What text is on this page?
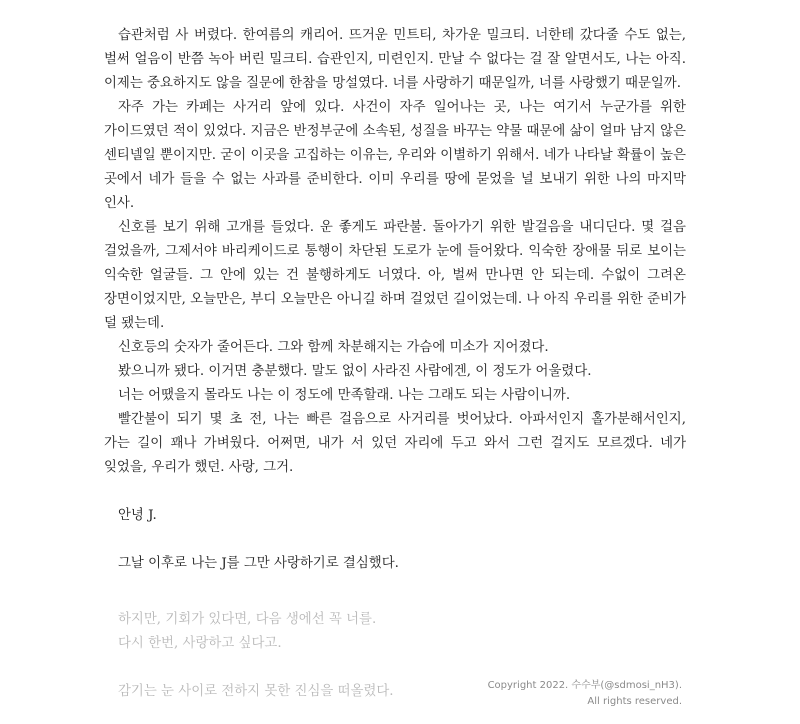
습관처럼 사 버렸다. 한여름의 캐리어. 뜨거운 민트티, 차가운 밀크티. 너한테 갔다줄 수도 없는, 벌써 얼음이 반쯤 녹아 버린 밀크티. 습관인지, 미련인지. 만날 수 없다는 걸 잘 알면서도, 나는 아직. 이제는 중요하지도 않을 질문에 한참을 망설였다. 너를 사랑하기 때문일까, 너를 사랑했기 때문일까.

자주 가는 카페는 사거리 앞에 있다. 사건이 자주 일어나는 곳, 나는 여기서 누군가를 위한 가이드였던 적이 있었다. 지금은 반정부군에 소속된, 성질을 바꾸는 약물 때문에 삶이 얼마 남지 않은 센티넬일 뿐이지만. 굳이 이곳을 고집하는 이유는, 우리와 이별하기 위해서. 네가 나타날 확률이 높은 곳에서 네가 들을 수 없는 사과를 준비한다. 이미 우리를 땅에 묻었을 널 보내기 위한 나의 마지막 인사.

신호를 보기 위해 고개를 들었다. 운 좋게도 파란불. 돌아가기 위한 발걸음을 내디딘다. 몇 걸음 걸었을까, 그제서야 바리케이드로 통행이 차단된 도로가 눈에 들어왔다. 익숙한 장애물 뒤로 보이는 익숙한 얼굴들. 그 안에 있는 건 불행하게도 너였다. 아, 벌써 만나면 안 되는데. 수없이 그려온 장면이었지만, 오늘만은, 부디 오늘만은 아니길 하며 걸었던 길이었는데. 나 아직 우리를 위한 준비가 덜 됐는데.

신호등의 숫자가 줄어든다. 그와 함께 차분해지는 가슴에 미소가 지어졌다.

봤으니까 됐다. 이거면 충분했다. 말도 없이 사라진 사람에겐, 이 정도가 어울렸다.

너는 어땠을지 몰라도 나는 이 정도에 만족할래. 나는 그래도 되는 사람이니까.

빨간불이 되기 몇 초 전, 나는 빠른 걸음으로 사거리를 벗어났다. 아파서인지 홀가분해서인지, 가는 길이 꽤나 가벼웠다. 어쩌면, 내가 서 있던 자리에 두고 와서 그런 걸지도 모르겠다. 네가 잊었을, 우리가 했던. 사랑, 그거.

안녕 J.

그날 이후로 나는 J를 그만 사랑하기로 결심했다.

하지만, 기회가 있다면, 다음 생에선 꼭 너를.

다시 한번, 사랑하고 싶다고.

감기는 눈 사이로 전하지 못한 진심을 떠올렸다.	Copyright 2022. 수수부(@sdmosi_nH3).
All rights reserved.
